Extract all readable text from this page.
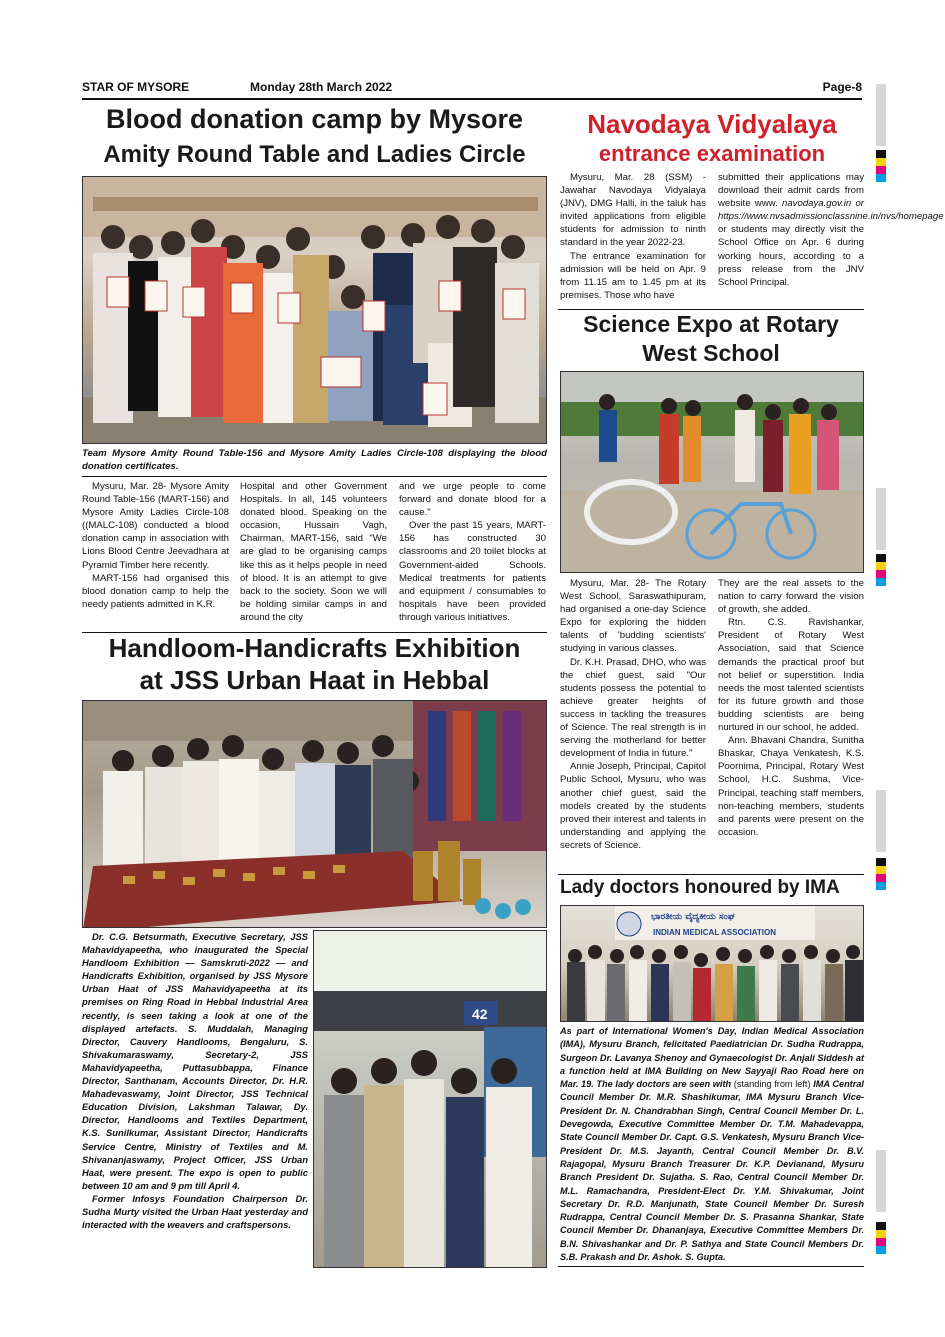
STAR OF MYSORE	Monday 28th March 2022	Page-8
Blood donation camp by Mysore
Amity Round Table and Ladies Circle
Team Mysore Amity Round Table-156 and Mysore Amity Ladies Circle-108 displaying the blood donation certificates.

Mysuru, Mar. 28- Mysore Amity Round Table-156 (MART-156) and Mysore Amity Ladies Circle-108 ((MALC-108) conducted a blood donation camp in association with Lions Blood Centre Jeevadhara at Pyramid Timber here recently.

MART-156 had organised this blood donation camp to help the needy patients admitted in K.R.

Hospital and other Government Hospitals. In all, 145 volunteers donated blood. Speaking on the occasion, Hussain Vagh, Chairman, MART-156, said "We are glad to be organising camps like this as it helps people in need of blood. It is an attempt to give back to the society. Soon we will be holding similar camps in and around the city

and we urge people to come forward and donate blood for a cause."

Over the past 15 years, MART-156 has constructed 30 classrooms and 20 toilet blocks at Government-aided Schools. Medical treatments for patients and equipment / consumables to hospitals have been provided through various initiatives.

Handloom-Handicrafts Exhibition
at JSS Urban Haat in Hebbal

Dr. C.G. Betsurmath, Executive Secretary, JSS Mahavidyapeetha, who inaugurated the Special Handloom Exhibition — Samskruti-2022 — and Handicrafts Exhibition, organised by JSS Mysore Urban Haat of JSS Mahavidyapeetha at its premises on Ring Road in Hebbal Industrial Area recently, is seen taking a look at one of the displayed artefacts. S. Muddalah, Managing Director, Cauvery Handlooms, Bengaluru, S. Shivakumaraswamy, Secretary-2, JSS Mahavidyapeetha, Puttasubbappa, Finance Director, Santhanam, Accounts Director, Dr. H.R. Mahadevaswamy, Joint Director, JSS Technical Education Division, Lakshman Talawar, Dy. Director, Handlooms and Textiles Department, K.S. Sunilkumar, Assistant Director, Handicrafts Service Centre, Ministry of Textiles and M. Shivananjaswamy, Project Officer, JSS Urban Haat, were present. The expo is open to public between 10 am and 9 pm till April 4.

Former Infosys Foundation Chairperson Dr. Sudha Murty visited the Urban Haat yesterday and interacted with the weavers and craftspersons.

42
Navodaya Vidyalaya
entrance examination

Mysuru, Mar. 28 (SSM) - Jawahar Navodaya Vidyalaya (JNV), DMG Halli, in the taluk has invited applications from eligible students for admission to ninth standard in the year 2022-23.

The entrance examination for admission will be held on Apr. 9 from 11.15 am to 1.45 pm at its premises. Those who have

submitted their applications may download their admit cards from website www. navodaya.gov.in or https://www.nvsadmissionclassnine.in/nvs/homepage or students may directly visit the School Office on Apr. 6 during working hours, according to a press release from the JNV School Principal.
Science Expo at Rotary
West School

Mysuru, Mar. 28- The Rotary West School, Saraswathipuram, had organised a one-day Science Expo for exploring the hidden talents of 'budding scientists' studying in various classes.

Dr. K.H. Prasad, DHO, who was the chief guest, said "Our students possess the potential to achieve greater heights of success in tackling the treasures of Science. The real strength is in serving the motherland for better development of India in future."

Annie Joseph, Principal, Capitol Public School, Mysuru, who was another chief guest, said the models created by the students proved their interest and talents in understanding and applying the secrets of Science.

They are the real assets to the nation to carry forward the vision of growth, she added.

Rtn. C.S. Ravishankar, President of Rotary West Association, said that Science demands the practical proof but not belief or superstition. India needs the most talented scientists for its future growth and those budding scientists are being nurtured in our school, he added.

Ann. Bhavani Chandra, Sunitha Bhaskar, Chaya Venkatesh, K.S. Poornima, Principal, Rotary West School, H.C. Sushma, Vice-Principal, teaching staff members, non-teaching members, students and parents were present on the occasion.

Lady doctors honoured by IMA
ಭಾರತೀಯ ವೈದ್ಯಕೀಯ ಸಂಘ
INDIAN MEDICAL ASSOCIATION
As part of International Women's Day, Indian Medical Association (IMA), Mysuru Branch, felicitated Paediatrician Dr. Sudha Rudrappa, Surgeon Dr. Lavanya Shenoy and Gynaecologist Dr. Anjali Siddesh at a function held at IMA Building on New Sayyaji Rao Road here on Mar. 19. The lady doctors are seen with (standing from left) IMA Central Council Member Dr. M.R. Shashikumar, IMA Mysuru Branch Vice-President Dr. N. Chandrabhan Singh, Central Council Member Dr. L. Devegowda, Executive Committee Member Dr. T.M. Mahadevappa, State Council Member Dr. Capt. G.S. Venkatesh, Mysuru Branch Vice-President Dr. M.S. Jayanth, Central Council Member Dr. B.V. Rajagopal, Mysuru Branch Treasurer Dr. K.P. Devianand, Mysuru Branch President Dr. Sujatha. S. Rao, Central Council Member Dr. M.L. Ramachandra, President-Elect Dr. Y.M. Shivakumar, Joint Secretary Dr. R.D. Manjunath, State Council Member Dr. Suresh Rudrappa, Central Council Member Dr. S. Prasanna Shankar, State Council Member Dr. Dhananjaya, Executive Committee Members Dr. B.N. Shivashankar and Dr. P. Sathya and State Council Members Dr. S.B. Prakash and Dr. Ashok. S. Gupta.
